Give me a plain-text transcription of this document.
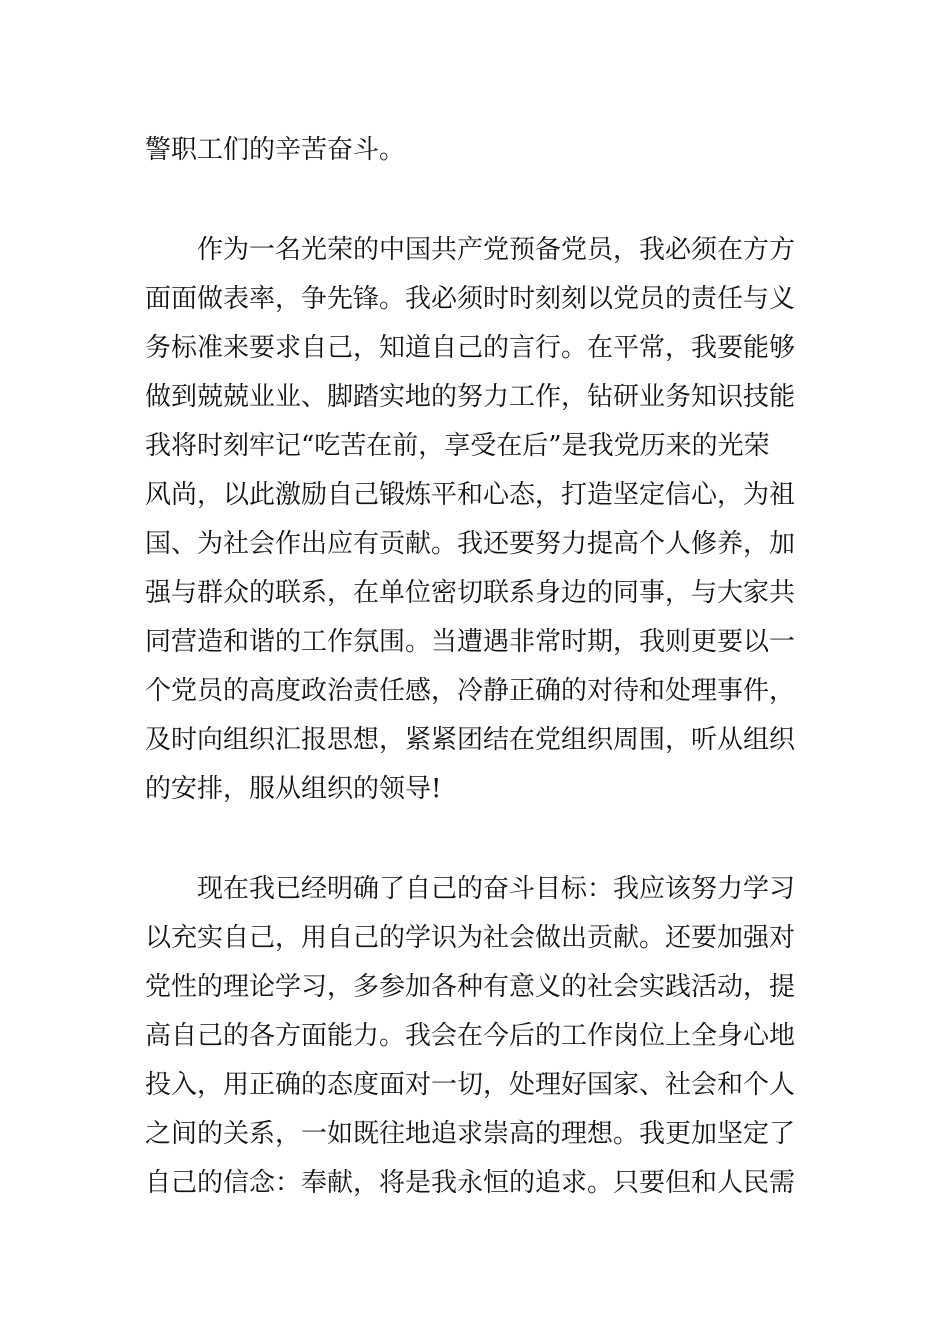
警职工们的辛苦奋斗。
作为一名光荣的中国共产党预备党员，我必须在方方
面面做表率，争先锋。我必须时时刻刻以党员的责任与义
务标准来要求自己，知道自己的言行。在平常，我要能够
做到兢兢业业、脚踏实地的努力工作，钻研业务知识技能
我将时刻牢记“吃苦在前，享受在后”是我党历来的光荣
风尚，以此激励自己锻炼平和心态，打造坚定信心，为祖
国、为社会作出应有贡献。我还要努力提高个人修养，加
强与群众的联系，在单位密切联系身边的同事，与大家共
同营造和谐的工作氛围。当遭遇非常时期，我则更要以一
个党员的高度政治责任感，冷静正确的对待和处理事件，
及时向组织汇报思想，紧紧团结在党组织周围，听从组织
的安排，服从组织的领导!
现在我已经明确了自己的奋斗目标：我应该努力学习
以充实自己，用自己的学识为社会做出贡献。还要加强对
党性的理论学习，多参加各种有意义的社会实践活动，提
高自己的各方面能力。我会在今后的工作岗位上全身心地
投入，用正确的态度面对一切，处理好国家、社会和个人
之间的关系，一如既往地追求崇高的理想。我更加坚定了
自己的信念：奉献，将是我永恒的追求。只要但和人民需
